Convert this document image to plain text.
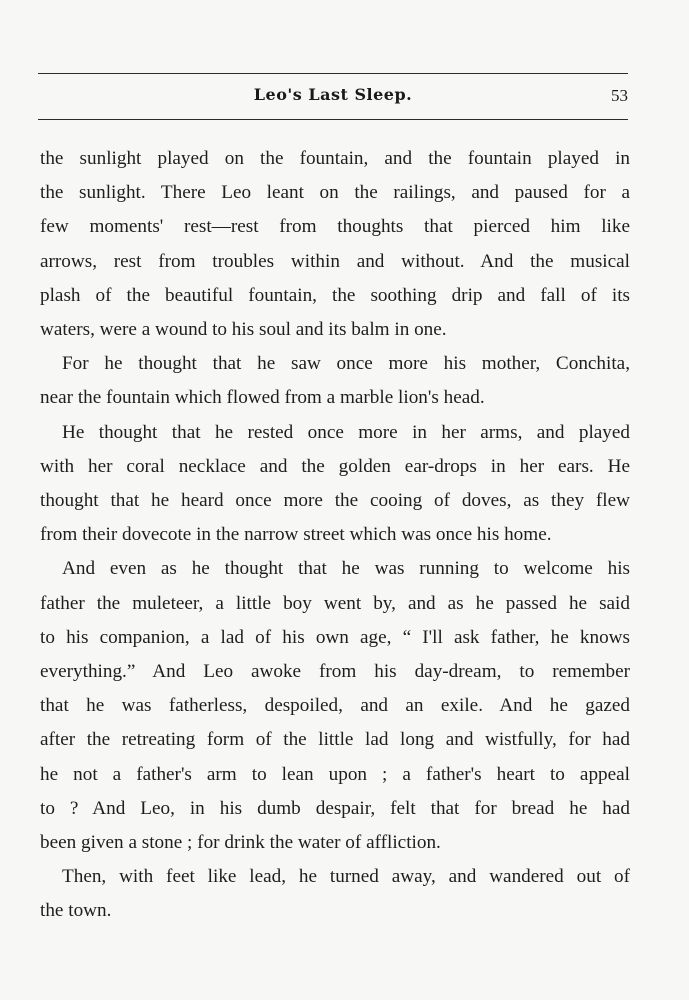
Leo's Last Sleep.	53
the sunlight played on the fountain, and the fountain played in
the sunlight. There Leo leant on the railings, and paused for a
few moments' rest—rest from thoughts that pierced him like
arrows, rest from troubles within and without. And the musical
plash of the beautiful fountain, the soothing drip and fall of its
waters, were a wound to his soul and its balm in one.
For he thought that he saw once more his mother, Conchita,
near the fountain which flowed from a marble lion's head.
He thought that he rested once more in her arms, and played
with her coral necklace and the golden ear-drops in her ears. He
thought that he heard once more the cooing of doves, as they flew
from their dovecote in the narrow street which was once his home.
And even as he thought that he was running to welcome his
father the muleteer, a little boy went by, and as he passed he said
to his companion, a lad of his own age, “ I'll ask father, he knows
everything.” And Leo awoke from his day-dream, to remember
that he was fatherless, despoiled, and an exile. And he gazed
after the retreating form of the little lad long and wistfully, for had
he not a father's arm to lean upon ; a father's heart to appeal
to ? And Leo, in his dumb despair, felt that for bread he had
been given a stone ; for drink the water of affliction.
Then, with feet like lead, he turned away, and wandered out of
the town.
